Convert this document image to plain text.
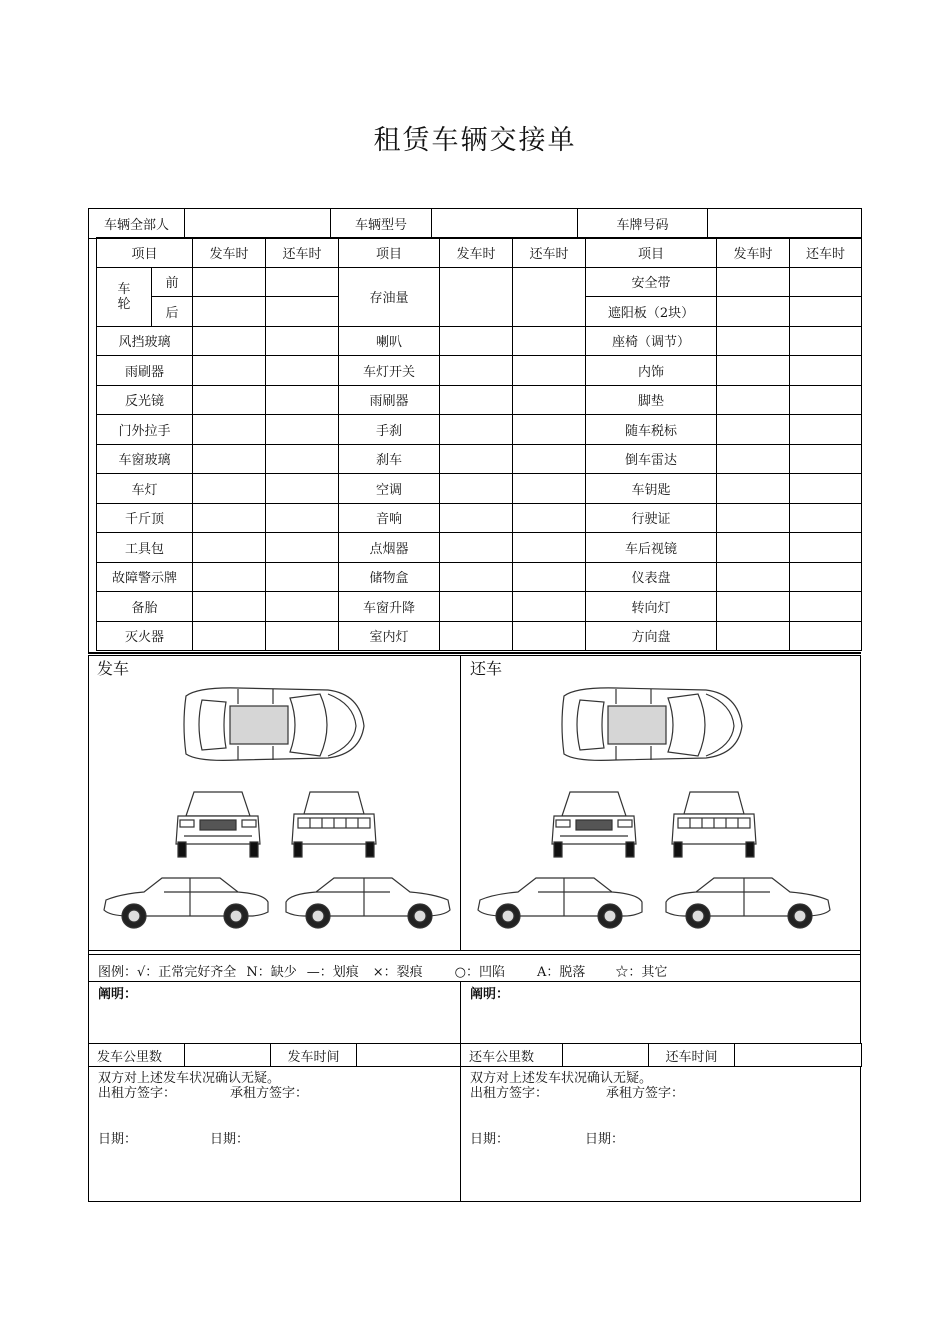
租赁车辆交接单
车辆全部人		车辆型号		车牌号码	
项目		发车时	还车时	项目	发车时	还车时	项目	发车时	还车时
车轮	前			存油量			安全带		
	后						遮阳板（2块）		
风挡玻璃				喇叭			座椅（调节）		
雨刷器				车灯开关			内饰		
反光镜				雨刷器			脚垫		
门外拉手				手刹			随车税标		
车窗玻璃				刹车			倒车雷达		
车灯				空调			车钥匙		
千斤顶				音响			行驶证		
工具包				点烟器			车后视镜		
故障警示牌				储物盒			仪表盘		
备胎				车窗升降			转向灯		
灭火器				室内灯			方向盘		
发车	还车
图例：√：正常完好齐全 N：缺少 —：划痕 ×：裂痕 ○：凹陷 A：脱落 ☆：其它
阐明：	阐明：
发车公里数		发车时间		还车公里数		还车时间	
双方对上述发车状况确认无疑。
出租方签字：	承租方签字：
日期：	日期：
双方对上述发车状况确认无疑。
出租方签字：	承租方签字：
日期：	日期：
